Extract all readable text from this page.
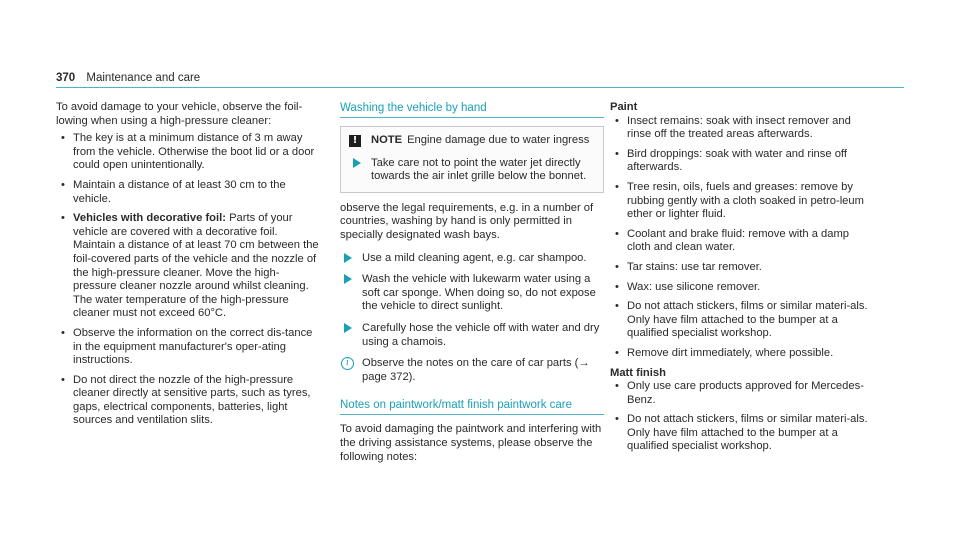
370 Maintenance and care

To avoid damage to your vehicle, observe the foil-lowing when using a high-pressure cleaner:

• The key is at a minimum distance of 3 m away from the vehicle. Otherwise the boot lid or a door could open unintentionally.
• Maintain a distance of at least 30 cm to the vehicle.
• Vehicles with decorative foil: Parts of your vehicle are covered with a decorative foil. Maintain a distance of at least 70 cm between the foil-covered parts of the vehicle and the nozzle of the high-pressure cleaner. Move the high-pressure cleaner nozzle around whilst cleaning. The water temperature of the high-pressure cleaner must not exceed 60°C.
• Observe the information on the correct dis-tance in the equipment manufacturer's oper-ating instructions.
• Do not direct the nozzle of the high-pressure cleaner directly at sensitive parts, such as tyres, gaps, electrical components, batteries, light sources and ventilation slits.
Washing the vehicle by hand
!	NOTE Engine damage due to water ingress
Take care not to point the water jet directly towards the air inlet grille below the bonnet.

observe the legal requirements, e.g. in a number of countries, washing by hand is only permitted in specially designated wash bays.

Use a mild cleaning agent, e.g. car shampoo.
Wash the vehicle with lukewarm water using a soft car sponge. When doing so, do not expose the vehicle to direct sunlight.
Carefully hose the vehicle off with water and dry using a chamois.
i	Observe the notes on the care of car parts (→ page 372).
Notes on paintwork/matt finish paintwork care

To avoid damaging the paintwork and interfering with the driving assistance systems, please observe the following notes:

Paint
• Insect remains: soak with insect remover and rinse off the treated areas afterwards.
• Bird droppings: soak with water and rinse off afterwards.
• Tree resin, oils, fuels and greases: remove by rubbing gently with a cloth soaked in petro-leum ether or lighter fluid.
• Coolant and brake fluid: remove with a damp cloth and clean water.
• Tar stains: use tar remover.
• Wax: use silicone remover.
• Do not attach stickers, films or similar materi-als. Only have film attached to the bumper at a qualified specialist workshop.
• Remove dirt immediately, where possible.
Matt finish
• Only use care products approved for Mercedes-Benz.
• Do not attach stickers, films or similar materi-als. Only have film attached to the bumper at a qualified specialist workshop.
